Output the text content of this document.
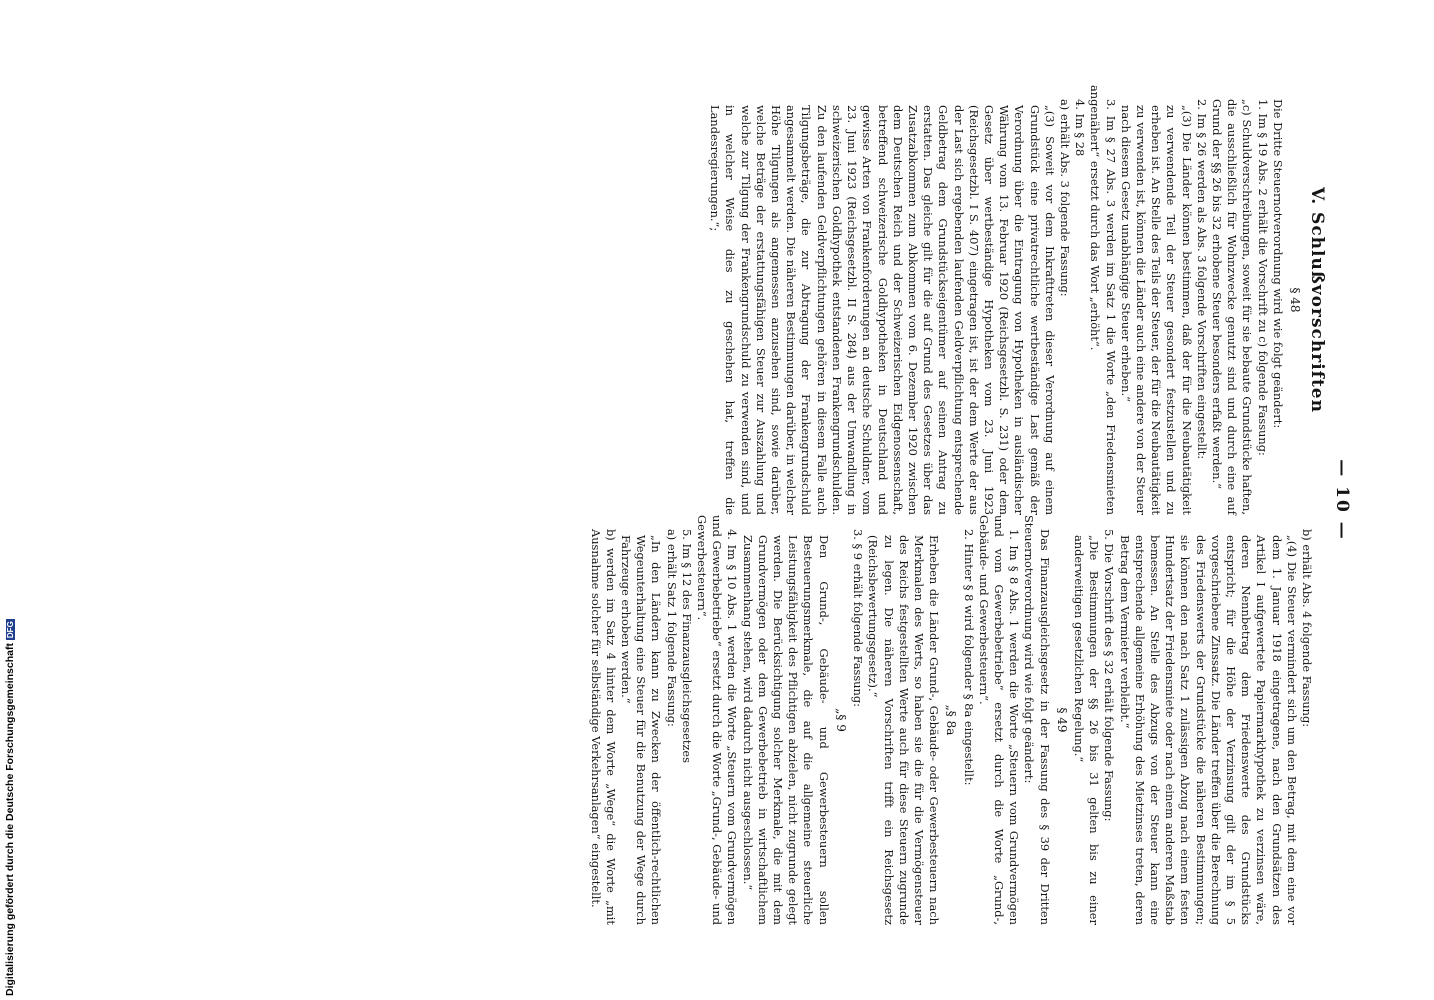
— 10 —
V. Schlußvorschriften

§ 48

Die Dritte Steuernotverordnung wird wie folgt geändert:

1. Im § 19 Abs. 2 erhält die Vorschrift zu c) folgende Fassung:

„c) Schuldverschreibungen, soweit für sie bebaute Grundstücke haften, die ausschließlich für Wohnzwecke genutzt sind und durch eine auf Grund der §§ 26 bis 32 erhobene Steuer besonders erfaßt werden.“

2. Im § 26 werden als Abs. 3 folgende Vorschriften eingestellt:

„(3) Die Länder können bestimmen, daß der für die Neubautätigkeit zu verwendende Teil der Steuer gesondert festzustellen und zu erheben ist. An Stelle des Teils der Steuer, der für die Neubautätigkeit zu verwenden ist, können die Länder auch eine andere von der Steuer nach diesem Gesetz unabhängige Steuer erheben.“

3. Im § 27 Abs. 3 werden im Satz 1 die Worte „den Friedensmieten angenähert“ ersetzt durch das Wort „erhöht“.

4. Im § 28

a) erhält Abs. 3 folgende Fassung:

„(3) Soweit vor dem Inkrafttreten dieser Verordnung auf einem Grundstück eine privatrechtliche wertbeständige Last gemäß der Verordnung über die Eintragung von Hypotheken in ausländischer Währung vom 13. Februar 1920 (Reichsgesetzbl. S. 231) oder dem Gesetz über wertbeständige Hypotheken vom 23. Juni 1923 (Reichsgesetzbl. I S. 407) eingetragen ist, ist der dem Werte der aus der Last sich ergebenden laufenden Geldverpflichtung entsprechende Geldbetrag dem Grundstückseigentümer auf seinen Antrag zu erstatten. Das gleiche gilt für die auf Grund des Gesetzes über das Zusatzabkommen zum Abkommen vom 6. Dezember 1920 zwischen dem Deutschen Reich und der Schweizerischen Eidgenossenschaft, betreffend schweizerische Goldhypotheken in Deutschland und gewisse Arten von Frankenforderungen an deutsche Schuldner, vom 23. Juni 1923 (Reichsgesetzbl. II S. 284) aus der Umwandlung in schweizerischen Goldhypothek entstandenen Frankengrundschulden. Zu den laufenden Geldverpflichtungen gehören in diesem Falle auch Tilgungsbeträge, die zur Abtragung der Frankengrundschuld angesammelt werden. Die näheren Bestimmungen darüber, in welcher Höhe Tilgungen als angemessen anzusehen sind, sowie darüber, welche Beträge der erstattungsfähigen Steuer zur Auszahlung und welche zur Tilgung der Frankengrundschuld zu verwenden sind, und in welcher Weise dies zu geschehen hat, treffen die Landesregierungen.“;

b) erhält Abs. 4 folgende Fassung:

„(4) Die Steuer vermindert sich um den Betrag, mit dem eine vor dem 1. Januar 1918 eingetragene, nach den Grundsätzen des Artikel I aufgewertete Papiermarkhypothek zu verzinsen wäre, deren Nennbetrag dem Friedenswerte des Grundstücks entspricht; für die Höhe der Verzinsung gilt der im § 5 vorgeschriebene Zinssatz. Die Länder treffen über die Berechnung des Friedenswerts der Grundstücke die näheren Bestimmungen; sie können den nach Satz 1 zulässigen Abzug nach einem festen Hundertsatz der Friedensmiete oder nach einem anderen Maßstab bemessen. An Stelle des Abzugs von der Steuer kann eine entsprechende allgemeine Erhöhung des Mietzinses treten, deren Betrag dem Vermieter verbleibt.“

5. Die Vorschrift des § 32 erhält folgende Fassung:

„Die Bestimmungen der §§ 26 bis 31 gelten bis zu einer anderweitigen gesetzlichen Regelung.“

§ 49

Das Finanzausgleichsgesetz in der Fassung des § 39 der Dritten Steuernotverordnung wird wie folgt geändert:

1. Im § 8 Abs. 1 werden die Worte „Steuern vom Grundvermögen und vom Gewerbebetriebe“ ersetzt durch die Worte „Grund-, Gebäude- und Gewerbesteuern“.

2. Hinter § 8 wird folgender § 8a eingestellt:

„§ 8a

Erheben die Länder Grund-, Gebäude- oder Gewerbesteuern nach Merkmalen des Werts, so haben sie die für die Vermögensteuer des Reichs festgestellten Werte auch für diese Steuern zugrunde zu legen. Die näheren Vorschriften trifft ein Reichsgesetz (Reichsbewertungsgesetz).“

3. § 9 erhält folgende Fassung:

„§ 9

Den Grund-, Gebäude- und Gewerbesteuern sollen Besteuerungsmerkmale, die auf die allgemeine steuerliche Leistungsfähigkeit des Pflichtigen abzielen, nicht zugrunde gelegt werden. Die Berücksichtigung solcher Merkmale, die mit dem Grundvermögen oder dem Gewerbebetrieb in wirtschaftlichem Zusammenhang stehen, wird dadurch nicht ausgeschlossen.“

4. Im § 10 Abs. 1 werden die Worte „Steuern vom Grundvermögen und Gewerbebetriebe“ ersetzt durch die Worte „Grund-, Gebäude- und Gewerbesteuern“.

5. Im § 12 des Finanzausgleichsgesetzes

a) erhält Satz 1 folgende Fassung:

„In den Ländern kann zu Zwecken der öffentlich-rechtlichen Wegeunterhaltung eine Steuer für die Benutzung der Wege durch Fahrzeuge erhoben werden.“

b) werden im Satz 4 hinter dem Worte „Wege“ die Worte „mit Ausnahme solcher für selbständige Verkehrsanlagen“ eingestellt.

Digitalisierung gefördert durch die Deutsche Forschungsgemeinschaft DFG
